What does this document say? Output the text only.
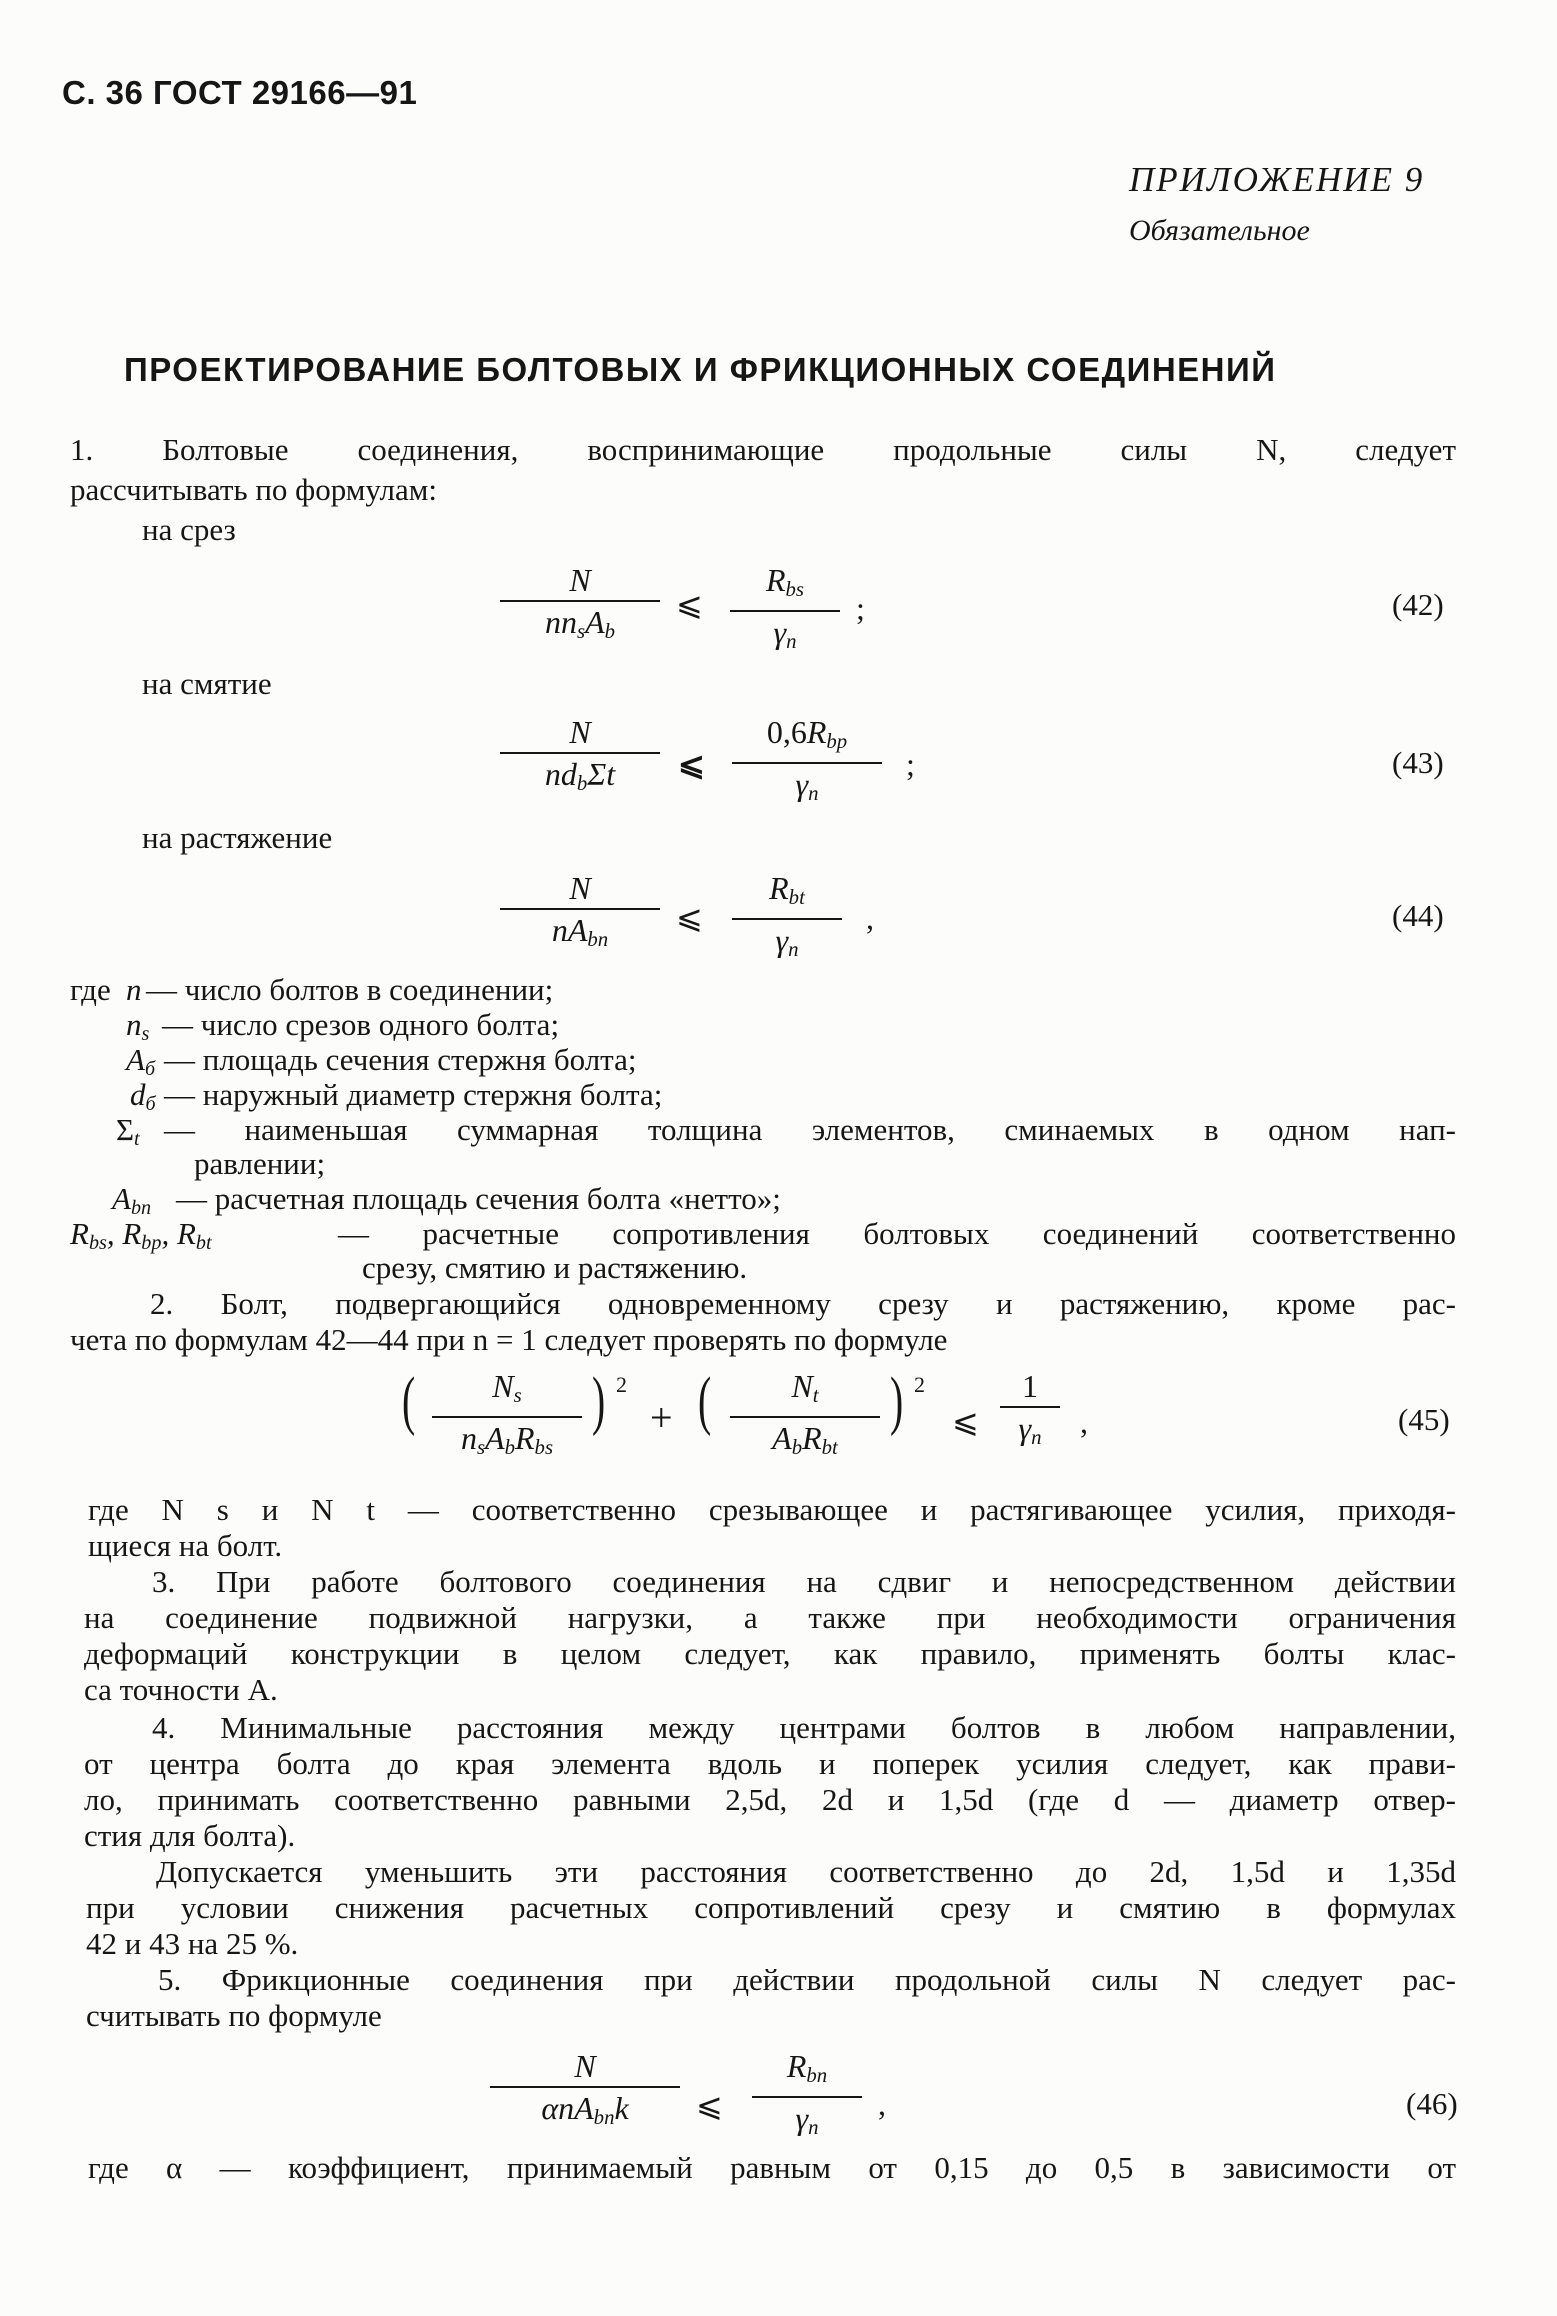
С. 36 ГОСТ 29166—91
ПРИЛОЖЕНИЕ 9
Обязательное
ПРОЕКТИРОВАНИЕ БОЛТОВЫХ И ФРИКЦИОННЫХ СОЕДИНЕНИЙ
1. Болтовые соединения, воспринимающие продольные силы N, следует
рассчитывать по формулам:
на срез
N
$nn_sA_b$
⩽
$R_{bs}$
$\gamma_n$
;	(42)
на смятие
N
$nd_b\Sigma t$	⩽
$0,6R_{bp}$
$\gamma_n$
;	(43)
на растяжение
N
$nA_{bn}$
⩽
$R_{bt}$
$\gamma_n$
,	(44)
где n — число болтов в соединении;
$n_s$ — число срезов одного болта;
$A_б$ — площадь сечения стержня болта;
$d_б$ — наружный диаметр стержня болта;
$\Sigma_t$ — наименьшая суммарная толщина элементов, сминаемых в одном нап-
равлении;
$A_{bn}$ — расчетная площадь сечения болта «нетто»;
$R_{bs}$, $R_{bp}$, $R_{bt}$	— расчетные сопротивления болтовых соединений соответственно
срезу, смятию и растяжению.
2. Болт, подвергающийся одновременному срезу и растяжению, кроме рас-
чета по формулам 42—44 при n = 1 следует проверять по формуле
(	$N_s$
$n_sA_bR_{bs}$
) 2
+ (	$N_t$
$A_bR_{bt}$
) 2
⩽
1
$\gamma_n$	,	(45)
где N s и N t — соответственно срезывающее и растягивающее усилия, приходя-
щиеся на болт.
3. При работе болтового соединения на сдвиг и непосредственном действии
на соединение подвижной нагрузки, а также при необходимости ограничения
деформаций конструкции в целом следует, как правило, применять болты клас-
са точности А.
4. Минимальные расстояния между центрами болтов в любом направлении,
от центра болта до края элемента вдоль и поперек усилия следует, как прави-
ло, принимать соответственно равными 2,5d, 2d и 1,5d (где d — диаметр отвер-
стия для болта).
Допускается уменьшить эти расстояния соответственно до 2d, 1,5d и 1,35d
при условии снижения расчетных сопротивлений срезу и смятию в формулах
42 и 43 на 25 %.
5. Фрикционные соединения при действии продольной силы N следует рас-
считывать по формуле
N
αnA$_{bn}$k	⩽
$R_{bn}$
$\gamma_n$
,	(46)
где α — коэффициент, принимаемый равным от 0,15 до 0,5 в зависимости от
